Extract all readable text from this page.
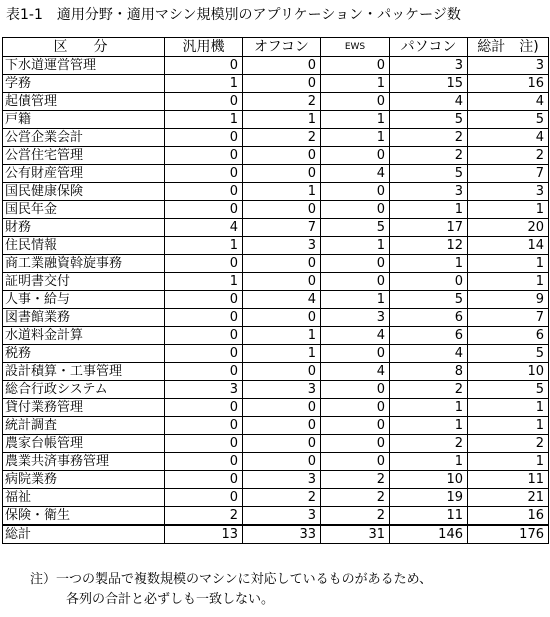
表1-1　適用分野・適用マシン規模別のアプリケーション・パッケージ数
区　分	汎用機	オフコン	EWS	パソコン	総計　注)
下水道運営管理	0	0	0	3	3
学務	1	0	1	15	16
起債管理	0	2	0	4	4
戸籍	1	1	1	5	5
公営企業会計	0	2	1	2	4
公営住宅管理	0	0	0	2	2
公有財産管理	0	0	4	5	7
国民健康保険	0	1	0	3	3
国民年金	0	0	0	1	1
財務	4	7	5	17	20
住民情報	1	3	1	12	14
商工業融資斡旋事務	0	0	0	1	1
証明書交付	1	0	0	0	1
人事・給与	0	4	1	5	9
図書館業務	0	0	3	6	7
水道料金計算	0	1	4	6	6
税務	0	1	0	4	5
設計積算・工事管理	0	0	4	8	10
総合行政システム	3	3	0	2	5
貸付業務管理	0	0	0	1	1
統計調査	0	0	0	1	1
農家台帳管理	0	0	0	2	2
農業共済事務管理	0	0	0	1	1
病院業務	0	3	2	10	11
福祉	0	2	2	19	21
保険・衛生	2	3	2	11	16
総計	13	33	31	146	176
注）一つの製品で複数規模のマシンに対応しているものがあるため、
各列の合計と必ずしも一致しない。
